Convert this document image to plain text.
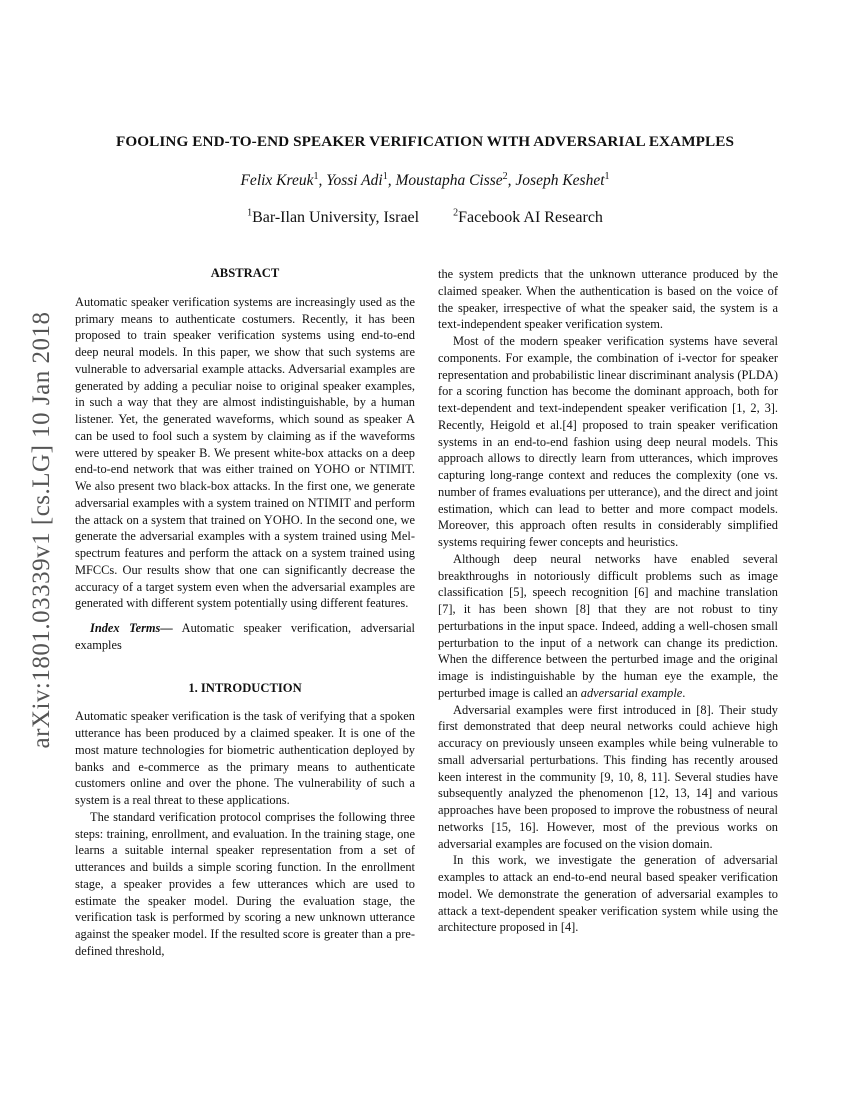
arXiv:1801.03339v1 [cs.LG] 10 Jan 2018
FOOLING END-TO-END SPEAKER VERIFICATION WITH ADVERSARIAL EXAMPLES
Felix Kreuk$^1$, Yossi Adi$^1$, Moustapha Cisse$^2$, Joseph Keshet$^1$
$^1$Bar-Ilan University, Israel	$^2$Facebook AI Research
ABSTRACT

Automatic speaker verification systems are increasingly used as the primary means to authenticate costumers. Recently, it has been proposed to train speaker verification systems using end-to-end deep neural models. In this paper, we show that such systems are vulnerable to adversarial example attacks. Adversarial examples are generated by adding a peculiar noise to original speaker examples, in such a way that they are almost indistinguishable, by a human listener. Yet, the generated waveforms, which sound as speaker A can be used to fool such a system by claiming as if the waveforms were uttered by speaker B. We present white-box attacks on a deep end-to-end network that was either trained on YOHO or NTIMIT. We also present two black-box attacks. In the first one, we generate adversarial examples with a system trained on NTIMIT and perform the attack on a system that trained on YOHO. In the second one, we generate the adversarial examples with a system trained using Mel-spectrum features and perform the attack on a system trained using MFCCs. Our results show that one can significantly decrease the accuracy of a target system even when the adversarial examples are generated with different system potentially using different features.

Index Terms— Automatic speaker verification, adversarial examples

1. INTRODUCTION

Automatic speaker verification is the task of verifying that a spoken utterance has been produced by a claimed speaker. It is one of the most mature technologies for biometric authentication deployed by banks and e-commerce as the primary means to authenticate customers online and over the phone. The vulnerability of such a system is a real threat to these applications.

The standard verification protocol comprises the following three steps: training, enrollment, and evaluation. In the training stage, one learns a suitable internal speaker representation from a set of utterances and builds a simple scoring function. In the enrollment stage, a speaker provides a few utterances which are used to estimate the speaker model. During the evaluation stage, the verification task is performed by scoring a new unknown utterance against the speaker model. If the resulted score is greater than a pre-defined threshold,

the system predicts that the unknown utterance produced by the claimed speaker. When the authentication is based on the voice of the speaker, irrespective of what the speaker said, the system is a text-independent speaker verification system.

Most of the modern speaker verification systems have several components. For example, the combination of i-vector for speaker representation and probabilistic linear discriminant analysis (PLDA) for a scoring function has become the dominant approach, both for text-dependent and text-independent speaker verification [1, 2, 3]. Recently, Heigold et al.[4] proposed to train speaker verification systems in an end-to-end fashion using deep neural models. This approach allows to directly learn from utterances, which improves capturing long-range context and reduces the complexity (one vs. number of frames evaluations per utterance), and the direct and joint estimation, which can lead to better and more compact models. Moreover, this approach often results in considerably simplified systems requiring fewer concepts and heuristics.

Although deep neural networks have enabled several breakthroughs in notoriously difficult problems such as image classification [5], speech recognition [6] and machine translation [7], it has been shown [8] that they are not robust to tiny perturbations in the input space. Indeed, adding a well-chosen small perturbation to the input of a network can change its prediction. When the difference between the perturbed image and the original image is indistinguishable by the human eye the example, the perturbed image is called an adversarial example.

Adversarial examples were first introduced in [8]. Their study first demonstrated that deep neural networks could achieve high accuracy on previously unseen examples while being vulnerable to small adversarial perturbations. This finding has recently aroused keen interest in the community [9, 10, 8, 11]. Several studies have subsequently analyzed the phenomenon [12, 13, 14] and various approaches have been proposed to improve the robustness of neural networks [15, 16]. However, most of the previous works on adversarial examples are focused on the vision domain.

In this work, we investigate the generation of adversarial examples to attack an end-to-end neural based speaker verification model. We demonstrate the generation of adversarial examples to attack a text-dependent speaker verification system while using the architecture proposed in [4].
